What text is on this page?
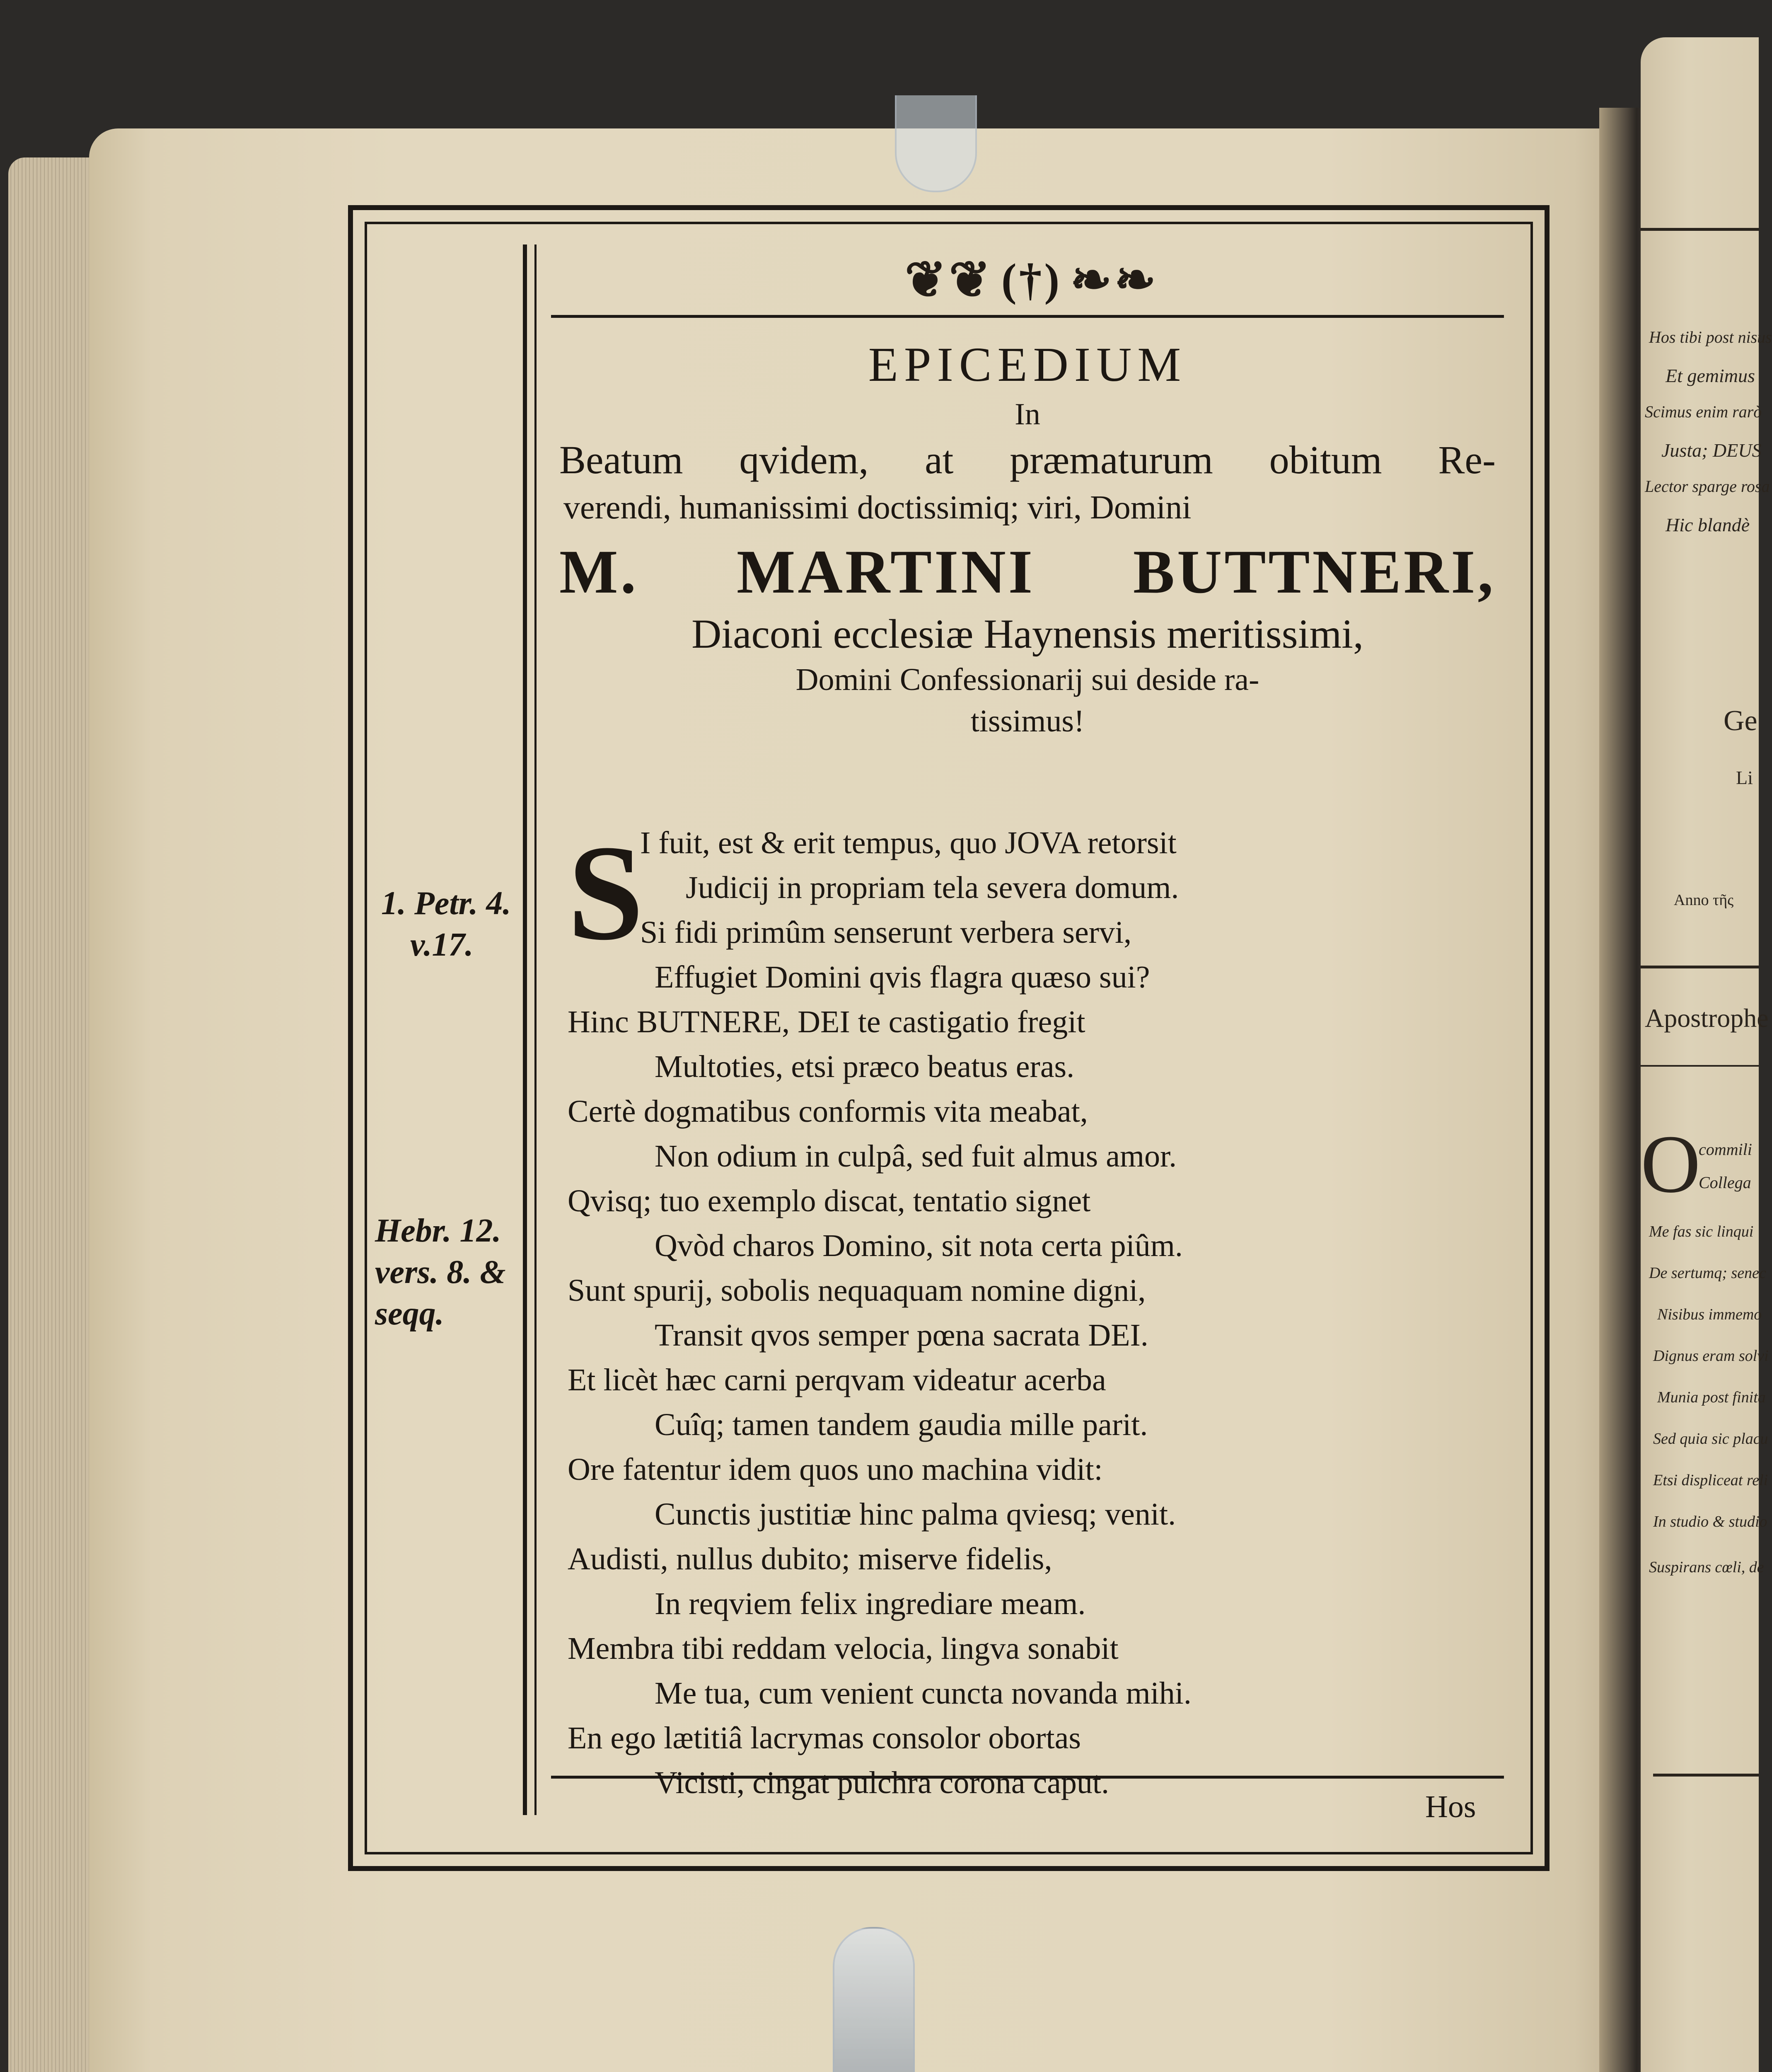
Hos tibi post nisus
Et gemimus
Scimus enim rarò
Justa; DEUS
Lector sparge rosa
Hic blandè
Ge
Li
Anno τῆς
Apostrophe
O
commili
Collega
Me fas sic linqui
De sertumq; senec
Nisibus immemo
Dignus eram solvi
Munia post finita
Sed quia sic placu
Etsi displiceat reli
In studio & studio
Suspirans cœli, de
❦❦ (†) ❧❧
EPICEDIUM
In
Beatum qvidem, at præmaturum obitum Re-
verendi, humanissimi doctissimiq; viri, Domini
M. MARTINI BUTTNERI,
Diaconi ecclesiæ Haynensis meritissimi,
Domini Confessionarij sui deside ra-
tissimus!
S
I fuit, est & erit tempus, quo JOVA retorsit
Judicij in propriam tela severa domum.
Si fidi primûm senserunt verbera servi,
Effugiet Domini qvis flagra quæso sui?
Hinc BUTNERE, DEI te castigatio fregit
Multoties, etsi præco beatus eras.
Certè dogmatibus conformis vita meabat,
Non odium in culpâ, sed fuit almus amor.
Qvisq; tuo exemplo discat, tentatio signet
Qvòd charos Domino, sit nota certa piûm.
Sunt spurij, sobolis nequaquam nomine digni,
Transit qvos semper pœna sacrata DEI.
Et licèt hæc carni perqvam videatur acerba
Cuîq; tamen tandem gaudia mille parit.
Ore fatentur idem quos uno machina vidit:
Cunctis justitiæ hinc palma qviesq; venit.
Audisti, nullus dubito; miserve fidelis,
In reqviem felix ingrediare meam.
Membra tibi reddam velocia, lingva sonabit
Me tua, cum venient cuncta novanda mihi.
En ego lætitiâ lacrymas consolor obortas
Vicisti, cingat pulchra corona caput.
1. Petr. 4.
v.17.
Hebr. 12.
vers. 8. &
seqq.
Hos
